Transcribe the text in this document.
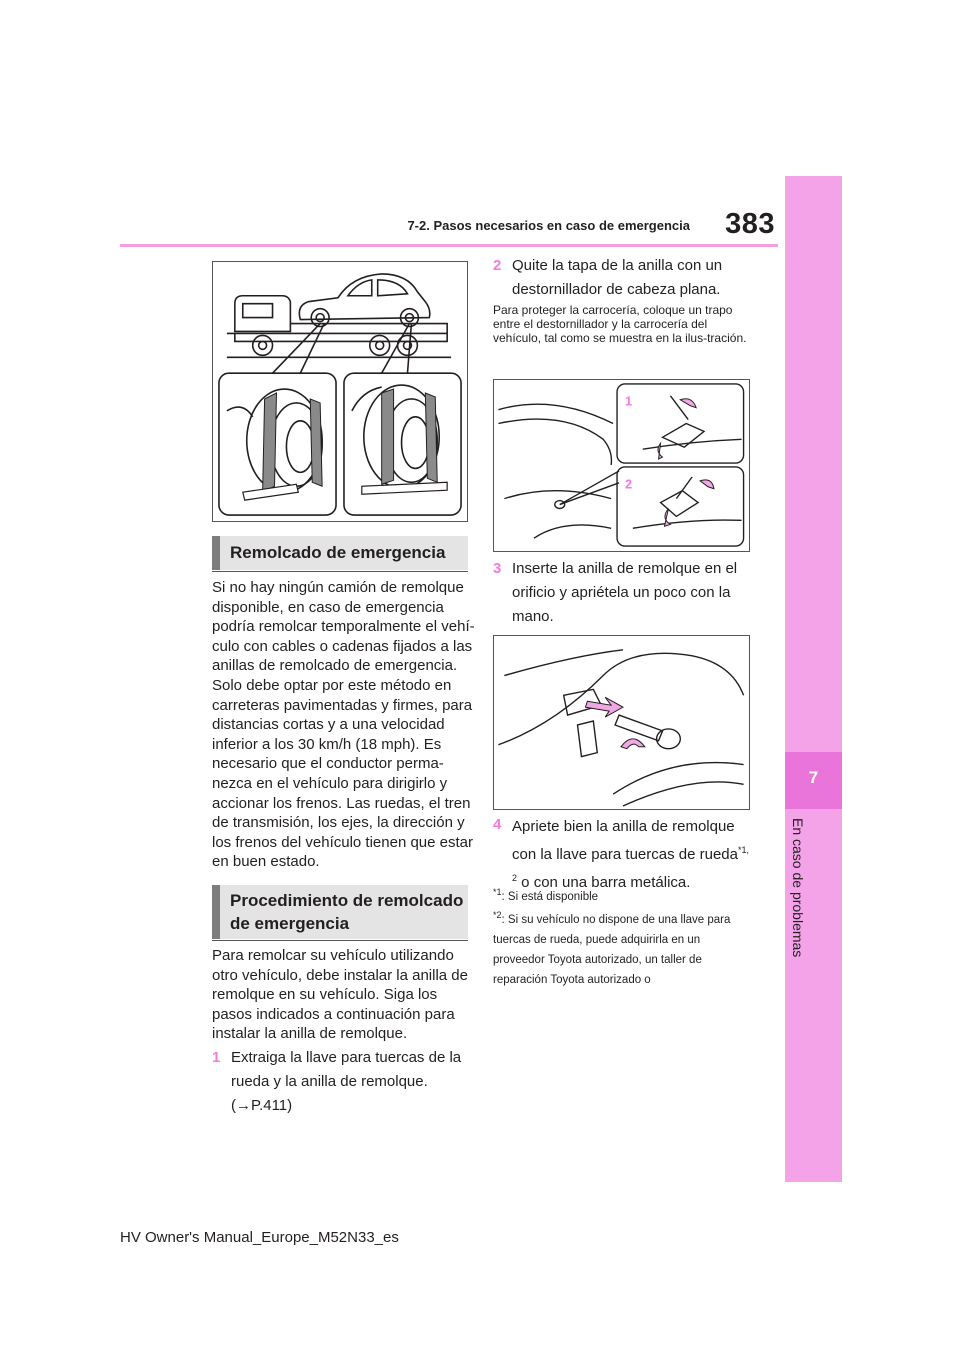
7-2. Pasos necesarios en caso de emergencia	383
7
En caso de problemas
Remolcado de emergencia
Si no hay ningún camión de remolque disponible, en caso de emergencia podría remolcar temporalmente el vehí-culo con cables o cadenas fijados a las anillas de remolcado de emergencia. Solo debe optar por este método en carreteras pavimentadas y firmes, para distancias cortas y a una velocidad inferior a los 30 km/h (18 mph). Es necesario que el conductor perma-nezca en el vehículo para dirigirlo y accionar los frenos. Las ruedas, el tren de transmisión, los ejes, la dirección y los frenos del vehículo tienen que estar en buen estado.
Procedimiento de remolcado de emergencia
Para remolcar su vehículo utilizando otro vehículo, debe instalar la anilla de remolque en su vehículo. Siga los pasos indicados a continuación para instalar la anilla de remolque.
1 Extraiga la llave para tuercas de la rueda y la anilla de remolque.
(→P.411)
2 Quite la tapa de la anilla con un destornillador de cabeza plana.
Para proteger la carrocería, coloque un trapo entre el destornillador y la carrocería del vehículo, tal como se muestra en la ilus-tración.
1
2
3 Inserte la anilla de remolque en el orificio y apriétela un poco con la mano.
4 Apriete bien la anilla de remolque con la llave para tuercas de rueda$^{*1,}$ $^2$ o con una barra metálica.
$^{*1}$: Si está disponible
$^{*2}$: Si su vehículo no dispone de una llave para tuercas de rueda, puede adquirirla en un proveedor Toyota autorizado, un taller de reparación Toyota autorizado o
HV Owner's Manual_Europe_M52N33_es
